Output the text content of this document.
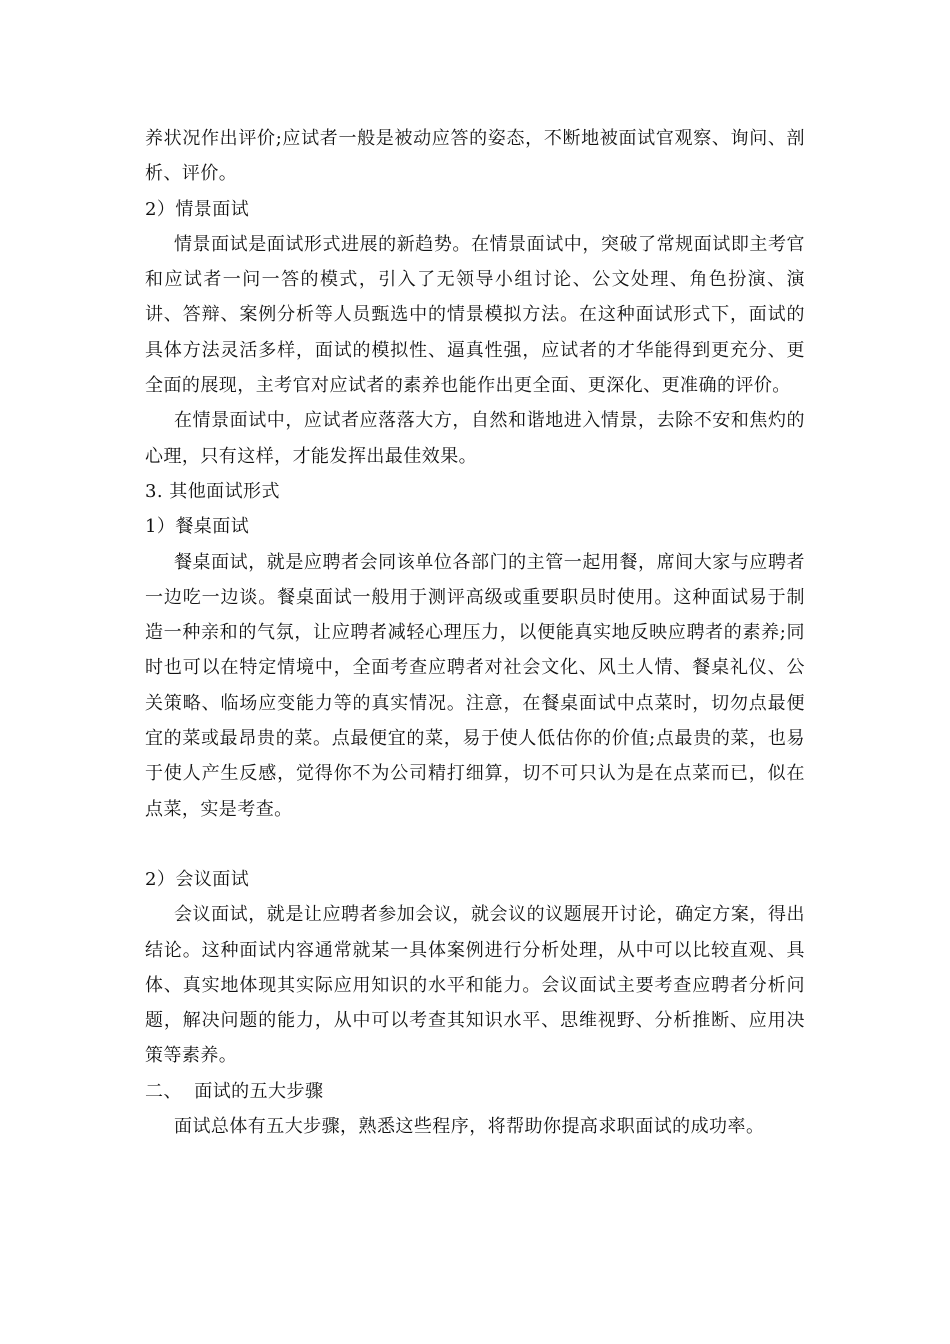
养状况作出评价;应试者一般是被动应答的姿态，不断地被面试官观察、询问、剖析、评价。

2）情景面试

情景面试是面试形式进展的新趋势。在情景面试中，突破了常规面试即主考官和应试者一问一答的模式，引入了无领导小组讨论、公文处理、角色扮演、演讲、答辩、案例分析等人员甄选中的情景模拟方法。在这种面试形式下，面试的具体方法灵活多样，面试的模拟性、逼真性强，应试者的才华能得到更充分、更全面的展现，主考官对应试者的素养也能作出更全面、更深化、更准确的评价。

在情景面试中，应试者应落落大方，自然和谐地进入情景，去除不安和焦灼的心理，只有这样，才能发挥出最佳效果。

3. 其他面试形式

1）餐桌面试

餐桌面试，就是应聘者会同该单位各部门的主管一起用餐，席间大家与应聘者一边吃一边谈。餐桌面试一般用于测评高级或重要职员时使用。这种面试易于制造一种亲和的气氛，让应聘者减轻心理压力，以便能真实地反映应聘者的素养;同时也可以在特定情境中，全面考查应聘者对社会文化、风土人情、餐桌礼仪、公关策略、临场应变能力等的真实情况。注意，在餐桌面试中点菜时，切勿点最便宜的菜或最昂贵的菜。点最便宜的菜，易于使人低估你的价值;点最贵的菜，也易于使人产生反感，觉得你不为公司精打细算，切不可只认为是在点菜而已，似在点菜，实是考查。

2）会议面试

会议面试，就是让应聘者参加会议，就会议的议题展开讨论，确定方案，得出结论。这种面试内容通常就某一具体案例进行分析处理，从中可以比较直观、具体、真实地体现其实际应用知识的水平和能力。会议面试主要考查应聘者分析问题，解决问题的能力，从中可以考查其知识水平、思维视野、分析推断、应用决策等素养。

二、  面试的五大步骤

面试总体有五大步骤，熟悉这些程序，将帮助你提高求职面试的成功率。
